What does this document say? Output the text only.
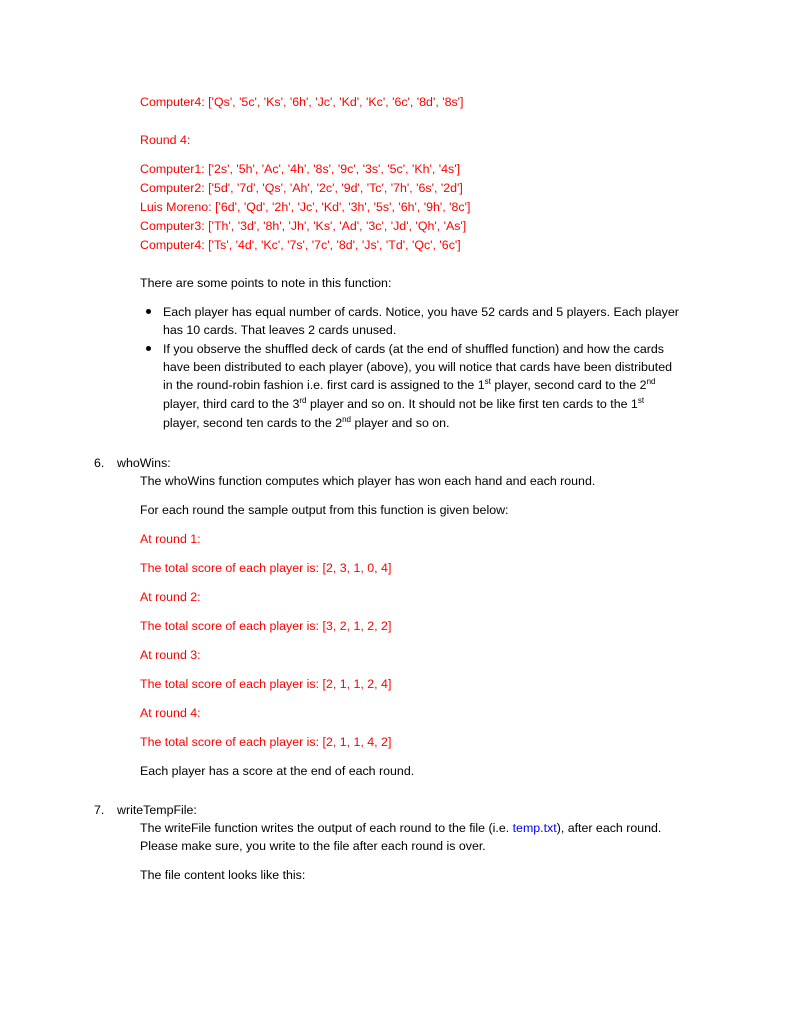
Computer4: ['Qs', '5c', 'Ks', '6h', 'Jc', 'Kd', 'Kc', '6c', '8d', '8s']
Round 4:
Computer1: ['2s', '5h', 'Ac', '4h', '8s', '9c', '3s', '5c', 'Kh', '4s']
Computer2: ['5d', '7d', 'Qs', 'Ah', '2c', '9d', 'Tc', '7h', '6s', '2d']
Luis Moreno: ['6d', 'Qd', '2h', 'Jc', 'Kd', '3h', '5s', '6h', '9h', '8c']
Computer3: ['Th', '3d', '8h', 'Jh', 'Ks', 'Ad', '3c', 'Jd', 'Qh', 'As']
Computer4: ['Ts', '4d', 'Kc', '7s', '7c', '8d', 'Js', 'Td', 'Qc', '6c']
There are some points to note in this function:
Each player has equal number of cards. Notice, you have 52 cards and 5 players. Each player
has 10 cards. That leaves 2 cards unused.
If you observe the shuffled deck of cards (at the end of shuffled function) and how the cards
have been distributed to each player (above), you will notice that cards have been distributed
in the round-robin fashion i.e. first card is assigned to the 1st player, second card to the 2nd
player, third card to the 3rd player and so on. It should not be like first ten cards to the 1st
player, second ten cards to the 2nd player and so on.
6. whoWins:
The whoWins function computes which player has won each hand and each round.
For each round the sample output from this function is given below:
At round 1:
The total score of each player is: [2, 3, 1, 0, 4]
At round 2:
The total score of each player is: [3, 2, 1, 2, 2]
At round 3:
The total score of each player is: [2, 1, 1, 2, 4]
At round 4:
The total score of each player is: [2, 1, 1, 4, 2]
Each player has a score at the end of each round.
7. writeTempFile:
The writeFile function writes the output of each round to the file (i.e. temp.txt), after each round.
Please make sure, you write to the file after each round is over.
The file content looks like this:
